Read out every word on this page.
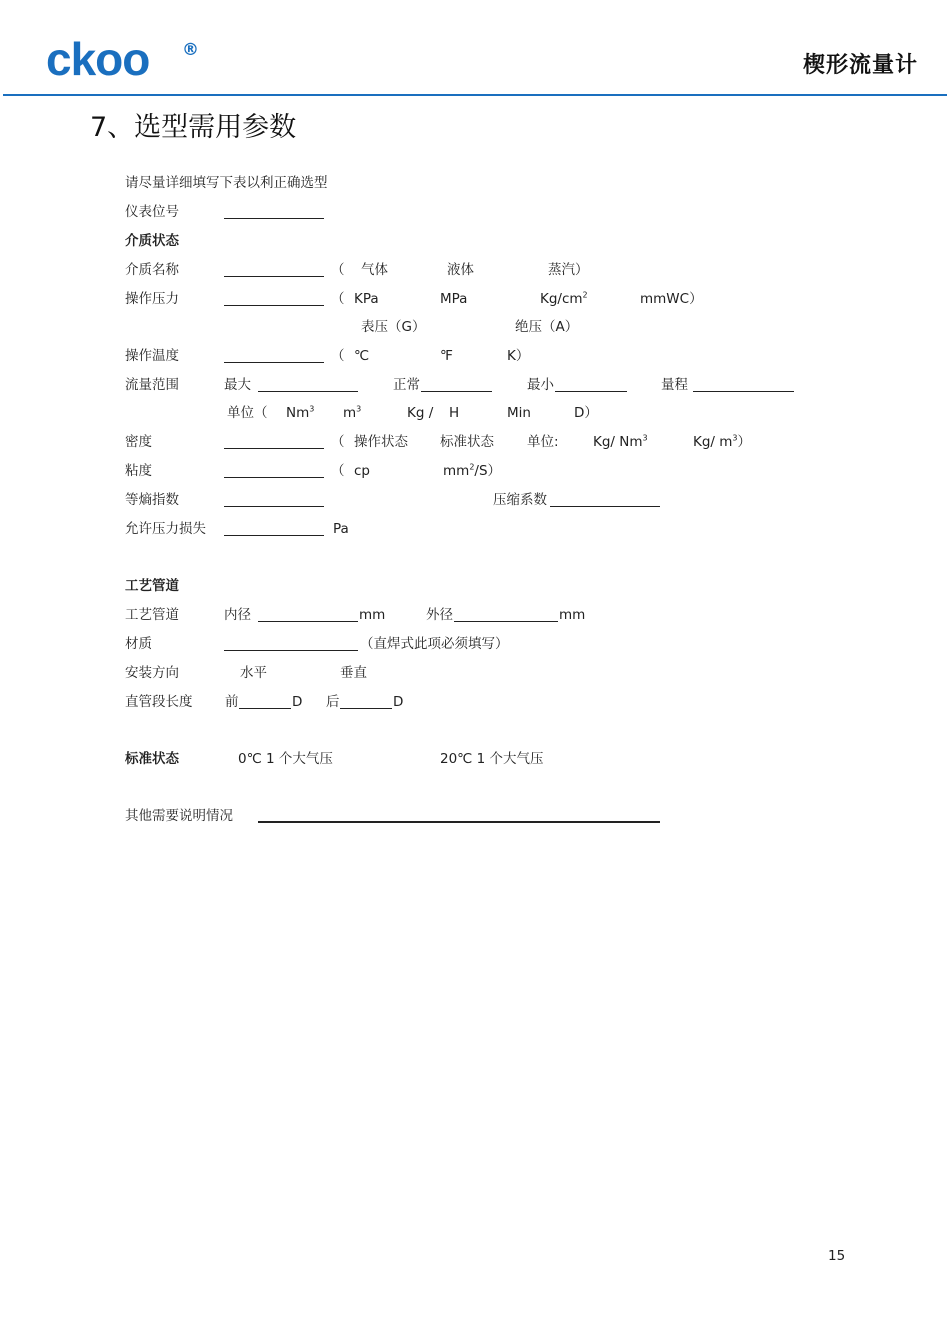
ckoo ®
楔形流量计
7、选型需用参数
请尽量详细填写下表以利正确选型
仪表位号
介质状态
介质名称	（ 气体	液体	蒸汽）
操作压力	（ KPa	MPa	$Kg/cm^2$	mmWC）
表压（G）	绝压（A）
操作温度	（ ℃	℉	K）
流量范围	最大	正常	最小	量程
单位（ Nm$^3$ $m^3$	Kg / H	Min	D）
密度	（ 操作状态 标准状态 单位:	Kg/ Nm$^3$	Kg/ $m^3$）
粘度	（ cp	$mm^2/S$）
等熵指数	压缩系数
允许压力损失	Pa
工艺管道
工艺管道	内径	mm	外径	mm
材质	（直焊式此项必须填写）
安装方向	水平	垂直
直管段长度 前	D 后	D
标准状态	0℃ 1 个大气压	20℃ 1 个大气压
其他需要说明情况
15
